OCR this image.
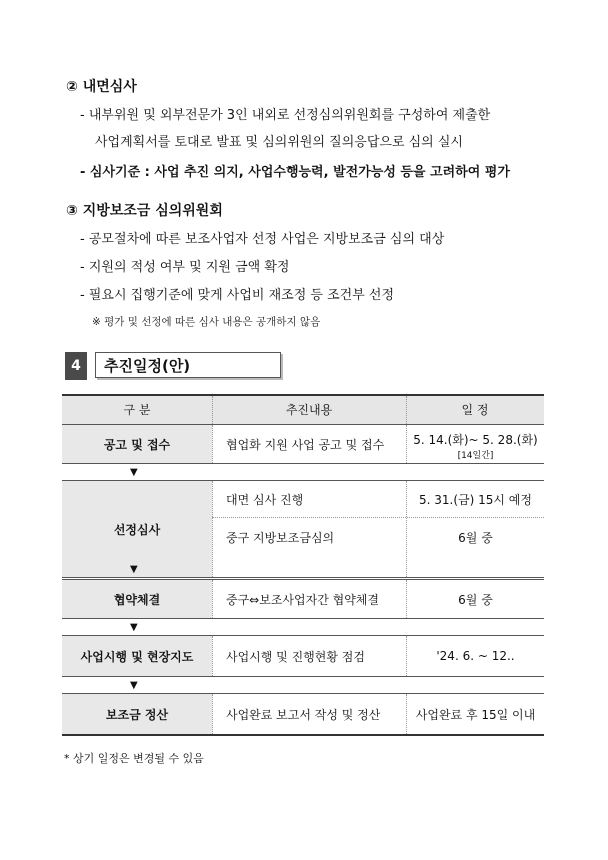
② 내면심사
- 내부위원 및 외부전문가 3인 내외로 선정심의위원회를 구성하여 제출한
사업계획서를 토대로 발표 및 심의위원의 질의응답으로 심의 실시
- 심사기준 : 사업 추진 의지, 사업수행능력, 발전가능성 등을 고려하여 평가
③ 지방보조금 심의위원회
- 공모절차에 따른 보조사업자 선정 사업은 지방보조금 심의 대상
- 지원의 적성 여부 및 지원 금액 확정
- 필요시 집행기준에 맞게 사업비 재조정 등 조건부 선정
※ 평가 및 선정에 따른 심사 내용은 공개하지 않음
4	추진일정(안)
구 분	추진내용	일 정
공고 및 접수	협업화 지원 사업 공고 및 접수	5. 14.(화)~ 5. 28.(화)
[14일간]
▼
선정심사
대면 심사 진행	5. 31.(금) 15시 예정
중구 지방보조금심의	6월 중
▼
협약체결	중구⇔보조사업자간 협약체결	6월 중
▼
사업시행 및 현장지도	사업시행 및 진행현황 점검	'24. 6. ~ 12..
▼
보조금 정산	사업완료 보고서 작성 및 정산	사업완료 후 15일 이내
* 상기 일정은 변경될 수 있음
